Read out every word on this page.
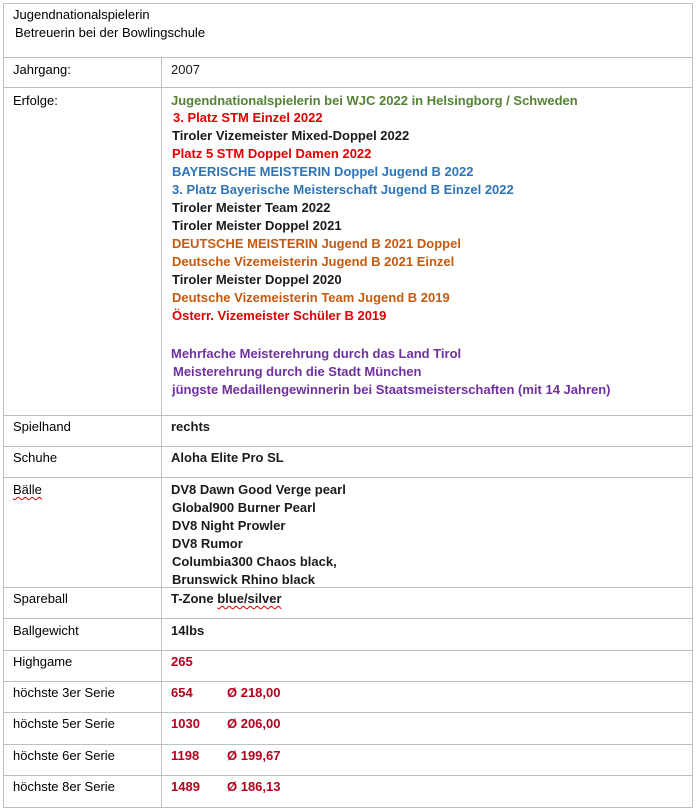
Jugendnationalspielerin
Betreuerin bei der Bowlingschule
Jahrgang:	2007
Erfolge:	Jugendnationalspielerin bei WJC 2022 in Helsingborg / Schweden
3. Platz STM Einzel 2022
Tiroler Vizemeister Mixed-Doppel 2022
Platz 5 STM Doppel Damen 2022
BAYERISCHE MEISTERIN Doppel Jugend B 2022
3. Platz Bayerische Meisterschaft Jugend B Einzel 2022
Tiroler Meister Team 2022
Tiroler Meister Doppel 2021
DEUTSCHE MEISTERIN Jugend B 2021 Doppel
Deutsche Vizemeisterin Jugend B 2021 Einzel
Tiroler Meister Doppel 2020
Deutsche Vizemeisterin Team Jugend B 2019
Österr. Vizemeister Schüler B 2019
Mehrfache Meisterehrung durch das Land Tirol
Meisterehrung durch die Stadt München
jüngste Medaillengewinnerin bei Staatsmeisterschaften (mit 14 Jahren)
Spielhand	rechts
Schuhe	Aloha Elite Pro SL
Bälle	DV8 Dawn Good Verge pearl
Global900 Burner Pearl
DV8 Night Prowler
DV8 Rumor
Columbia300 Chaos black,
Brunswick Rhino black
Spareball	T-Zone blue/silver
Ballgewicht	14lbs
Highgame	265
höchste 3er Serie	654	Ø 218,00
höchste 5er Serie	1030 Ø 206,00
höchste 6er Serie	1198 Ø 199,67
höchste 8er Serie	1489 Ø 186,13
